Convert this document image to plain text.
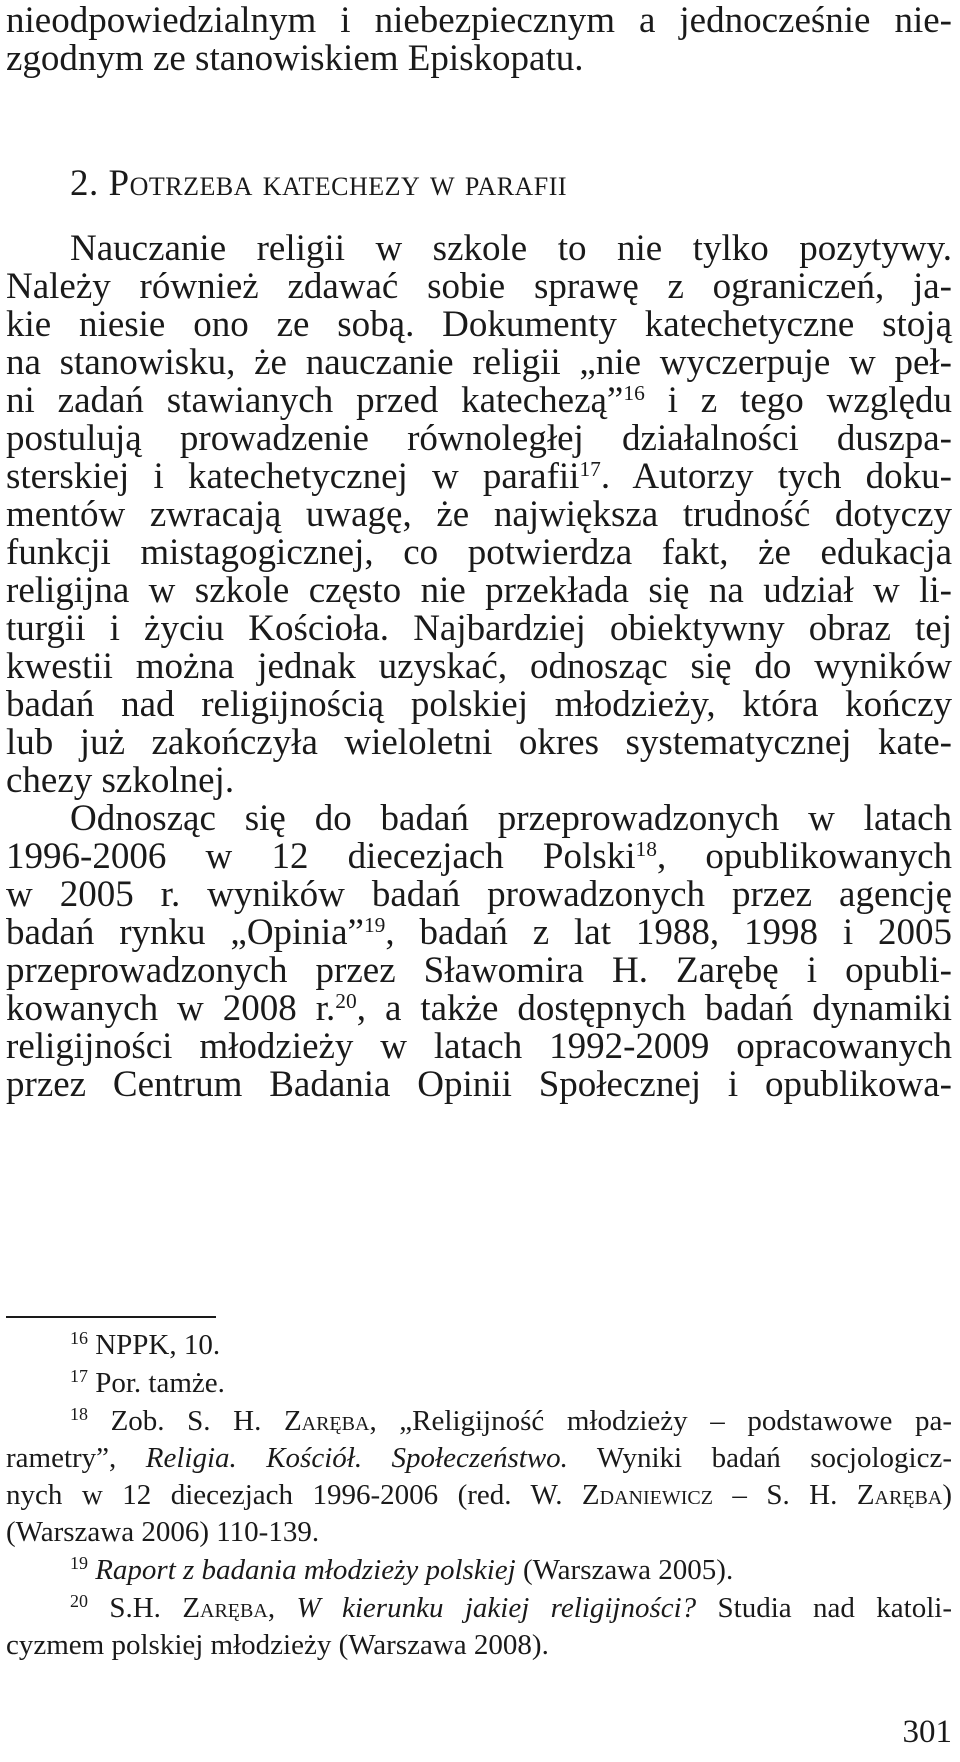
nieodpowiedzialnym i niebezpiecznym a jednocześnie nie-
zgodnym ze stanowiskiem Episkopatu.
2. Potrzeba katechezy w parafii
Nauczanie religii w szkole to nie tylko pozytywy.
Należy również zdawać sobie sprawę z ograniczeń, ja-
kie niesie ono ze sobą. Dokumenty katechetyczne stoją
na stanowisku, że nauczanie religii „nie wyczerpuje w peł-
ni zadań stawianych przed katechezą”$^{16}$ i z tego względu
postulują prowadzenie równoległej działalności duszpa-
sterskiej i katechetycznej w parafii$^{17}$. Autorzy tych doku-
mentów zwracają uwagę, że największa trudność dotyczy
funkcji mistagogicznej, co potwierdza fakt, że edukacja
religijna w szkole często nie przekłada się na udział w li-
turgii i życiu Kościoła. Najbardziej obiektywny obraz tej
kwestii można jednak uzyskać, odnosząc się do wyników
badań nad religijnością polskiej młodzieży, która kończy
lub już zakończyła wieloletni okres systematycznej kate-
chezy szkolnej.
Odnosząc się do badań przeprowadzonych w latach
1996-2006 w 12 diecezjach Polski$^{18}$, opublikowanych
w 2005 r. wyników badań prowadzonych przez agencję
badań rynku „Opinia”$^{19}$, badań z lat 1988, 1998 i 2005
przeprowadzonych przez Sławomira H. Zarębę i opubli-
kowanych w 2008 r.$^{20}$, a także dostępnych badań dynamiki
religijności młodzieży w latach 1992-2009 opracowanych
przez Centrum Badania Opinii Społecznej i opublikowa-
$^{16}$ NPPK, 10.
$^{17}$ Por. tamże.
$^{18}$ Zob. S. H. Zaręba, „Religijność młodzieży – podstawowe pa-
rametry”, Religia. Kościół. Społeczeństwo. Wyniki badań socjologicz-
nych w 12 diecezjach 1996-2006 (red. W. Zdaniewicz – S. H. Zaręba)
(Warszawa 2006) 110-139.
$^{19}$ Raport z badania młodzieży polskiej (Warszawa 2005).
$^{20}$ S.H. Zaręba, W kierunku jakiej religijności? Studia nad katoli-
cyzmem polskiej młodzieży (Warszawa 2008).
301
